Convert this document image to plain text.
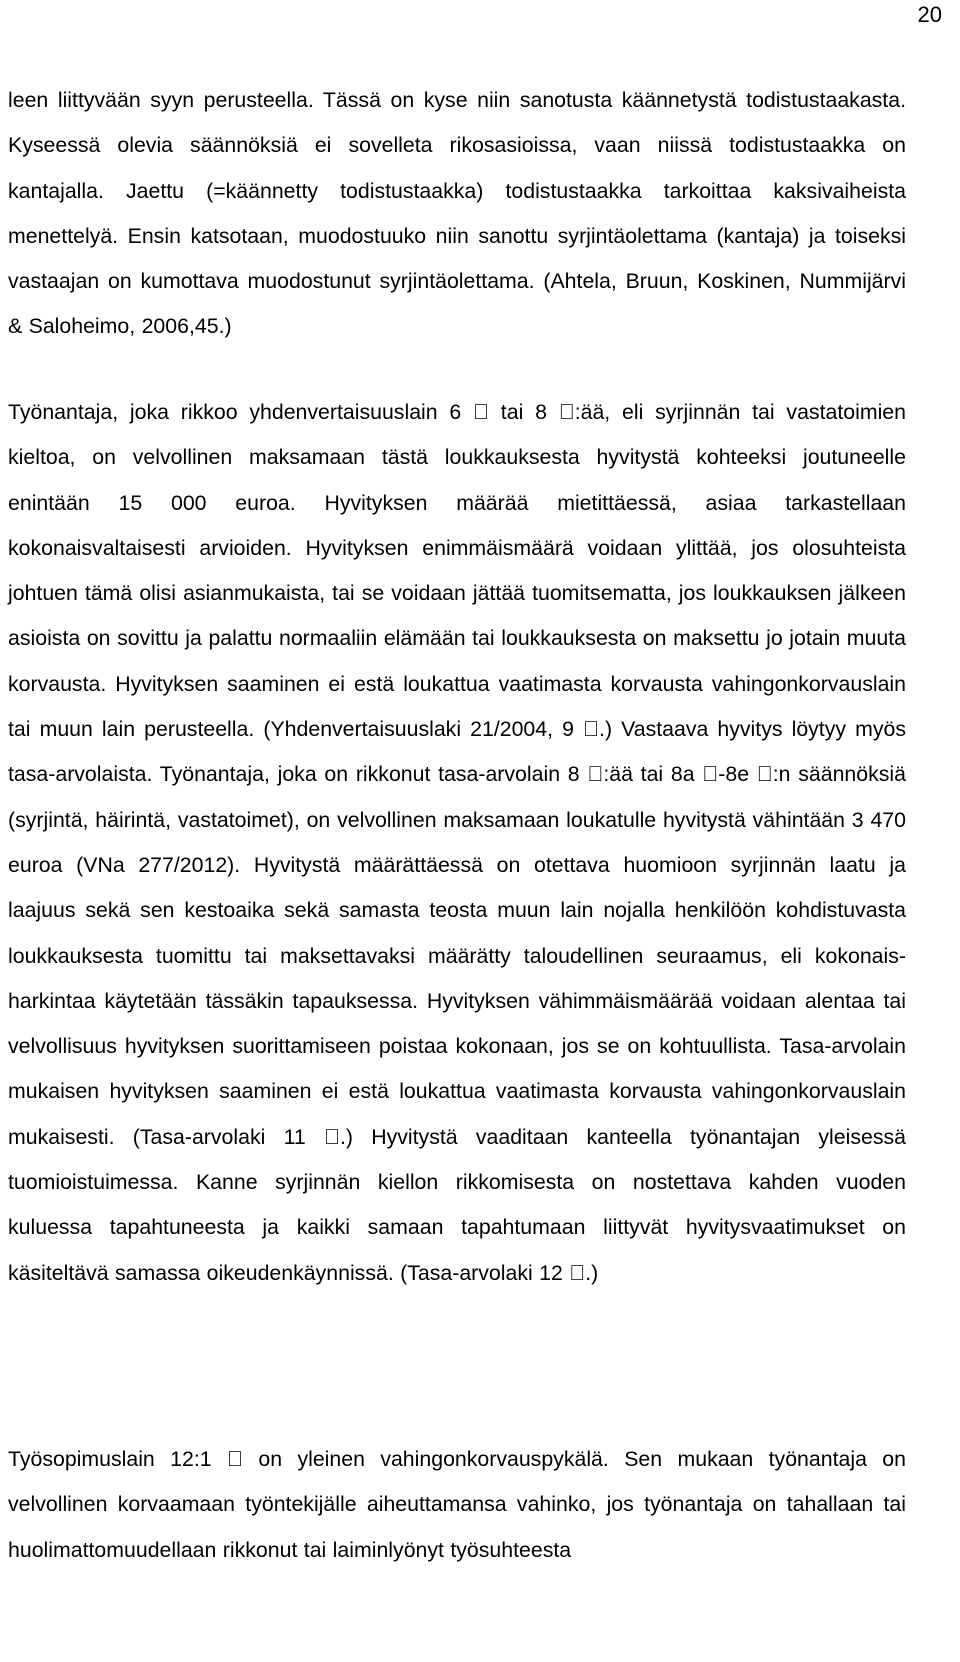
20

leen liittyvään syyn perusteella. Tässä on kyse niin sanotusta käännetystä todistustaakasta. Kyseessä olevia säännöksiä ei sovelleta rikosasioissa, vaan niissä todistustaakka on kantajalla. Jaettu (=käännetty todistustaakka) todistustaakka tarkoittaa kaksivaiheista menettelyä. Ensin katsotaan, muodostuuko niin sanottu syrjintäolettama (kantaja) ja toiseksi vastaajan on kumottava muodostunut syrjintäolettama. (Ahtela, Bruun, Koskinen, Nummijärvi & Saloheimo, 2006,45.)

Työnantaja, joka rikkoo yhdenvertaisuuslain 6 tai 8 :ää, eli syrjinnän tai vastatoimien kieltoa, on velvollinen maksamaan tästä loukkauksesta hyvitystä kohteeksi joutuneelle enintään 15 000 euroa. Hyvityksen määrää mietittäessä, asiaa tarkastellaan kokonaisvaltaisesti arvioiden. Hyvityksen enimmäismäärä voidaan ylittää, jos olosuhteista johtuen tämä olisi asianmukaista, tai se voidaan jättää tuomitsematta, jos loukkauksen jälkeen asioista on sovittu ja palattu normaaliin elämään tai loukkauksesta on maksettu jo jotain muuta korvausta. Hyvityksen saaminen ei estä loukattua vaatimasta korvausta vahingonkorvauslain tai muun lain perusteella. (Yhdenvertaisuuslaki 21/2004, 9 .) Vastaava hyvitys löytyy myös tasa-arvolaista. Työnantaja, joka on rikkonut tasa-arvolain 8 :ää tai 8a -8e :n säännöksiä (syrjintä, häirintä, vastatoimet), on velvollinen maksamaan loukatulle hyvitystä vähintään 3 470 euroa (VNa 277/2012). Hyvitystä määrättäessä on otettava huomioon syrjinnän laatu ja laajuus sekä sen kestoaika sekä samasta teosta muun lain nojalla henkilöön kohdistuvasta loukkauksesta tuomittu tai maksettavaksi määrätty taloudellinen seuraamus, eli kokonaisharkintaa käytetään tässäkin tapauksessa. Hyvityksen vähimmäismäärää voidaan alentaa tai velvollisuus hyvityksen suorittamiseen poistaa kokonaan, jos se on kohtuullista. Tasa-arvolain mukaisen hyvityksen saaminen ei estä loukattua vaatimasta korvausta vahingonkorvauslain mukaisesti. (Tasa-arvolaki 11 .) Hyvitystä vaaditaan kanteella työnantajan yleisessä tuomioistuimessa. Kanne syrjinnän kiellon rikkomisesta on nostettava kahden vuoden kuluessa tapahtuneesta ja kaikki samaan tapahtumaan liittyvät hyvitysvaatimukset on käsiteltävä samassa oikeudenkäynnissä. (Tasa-arvolaki 12 .)

Työsopimuslain 12:1 on yleinen vahingonkorvauspykälä. Sen mukaan työnantaja on velvollinen korvaamaan työntekijälle aiheuttamansa vahinko, jos työnantaja on tahallaan tai huolimattomuudellaan rikkonut tai laiminlyönyt työsuhteesta
